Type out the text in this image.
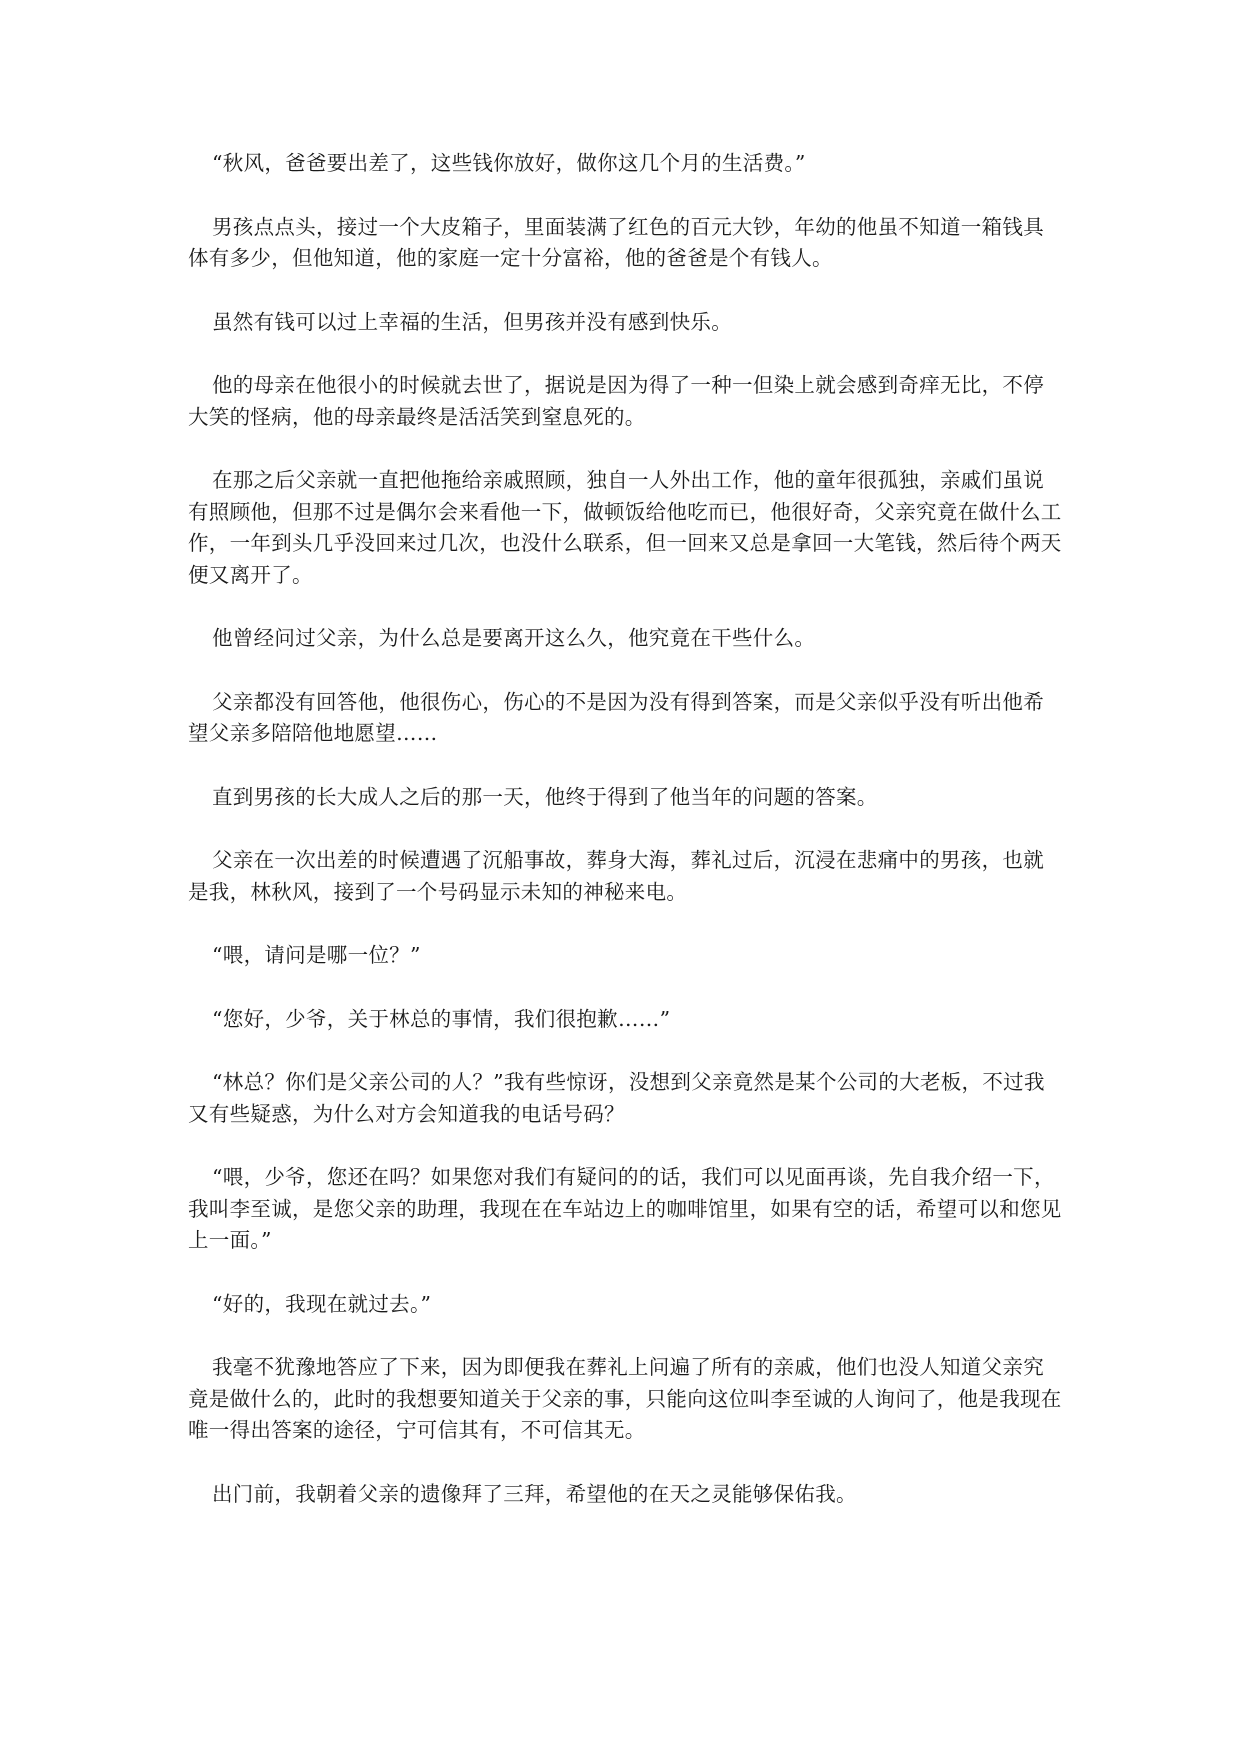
“秋风，爸爸要出差了，这些钱你放好，做你这几个月的生活费。”

男孩点点头，接过一个大皮箱子，里面装满了红色的百元大钞，年幼的他虽不知道一箱钱具体有多少，但他知道，他的家庭一定十分富裕，他的爸爸是个有钱人。

虽然有钱可以过上幸福的生活，但男孩并没有感到快乐。

他的母亲在他很小的时候就去世了，据说是因为得了一种一但染上就会感到奇痒无比，不停大笑的怪病，他的母亲最终是活活笑到窒息死的。

在那之后父亲就一直把他拖给亲戚照顾，独自一人外出工作，他的童年很孤独，亲戚们虽说有照顾他，但那不过是偶尔会来看他一下，做顿饭给他吃而已，他很好奇，父亲究竟在做什么工作，一年到头几乎没回来过几次，也没什么联系，但一回来又总是拿回一大笔钱，然后待个两天便又离开了。

他曾经问过父亲，为什么总是要离开这么久，他究竟在干些什么。

父亲都没有回答他，他很伤心，伤心的不是因为没有得到答案，而是父亲似乎没有听出他希望父亲多陪陪他地愿望……

直到男孩的长大成人之后的那一天，他终于得到了他当年的问题的答案。

父亲在一次出差的时候遭遇了沉船事故，葬身大海，葬礼过后，沉浸在悲痛中的男孩，也就是我，林秋风，接到了一个号码显示未知的神秘来电。

“喂，请问是哪一位？”

“您好，少爷，关于林总的事情，我们很抱歉……”

“林总？你们是父亲公司的人？”我有些惊讶，没想到父亲竟然是某个公司的大老板，不过我又有些疑惑，为什么对方会知道我的电话号码？

“喂，少爷，您还在吗？如果您对我们有疑问的的话，我们可以见面再谈，先自我介绍一下，我叫李至诚，是您父亲的助理，我现在在车站边上的咖啡馆里，如果有空的话，希望可以和您见上一面。”

“好的，我现在就过去。”

我毫不犹豫地答应了下来，因为即便我在葬礼上问遍了所有的亲戚，他们也没人知道父亲究竟是做什么的，此时的我想要知道关于父亲的事，只能向这位叫李至诚的人询问了，他是我现在唯一得出答案的途径，宁可信其有，不可信其无。

出门前，我朝着父亲的遗像拜了三拜，希望他的在天之灵能够保佑我。
